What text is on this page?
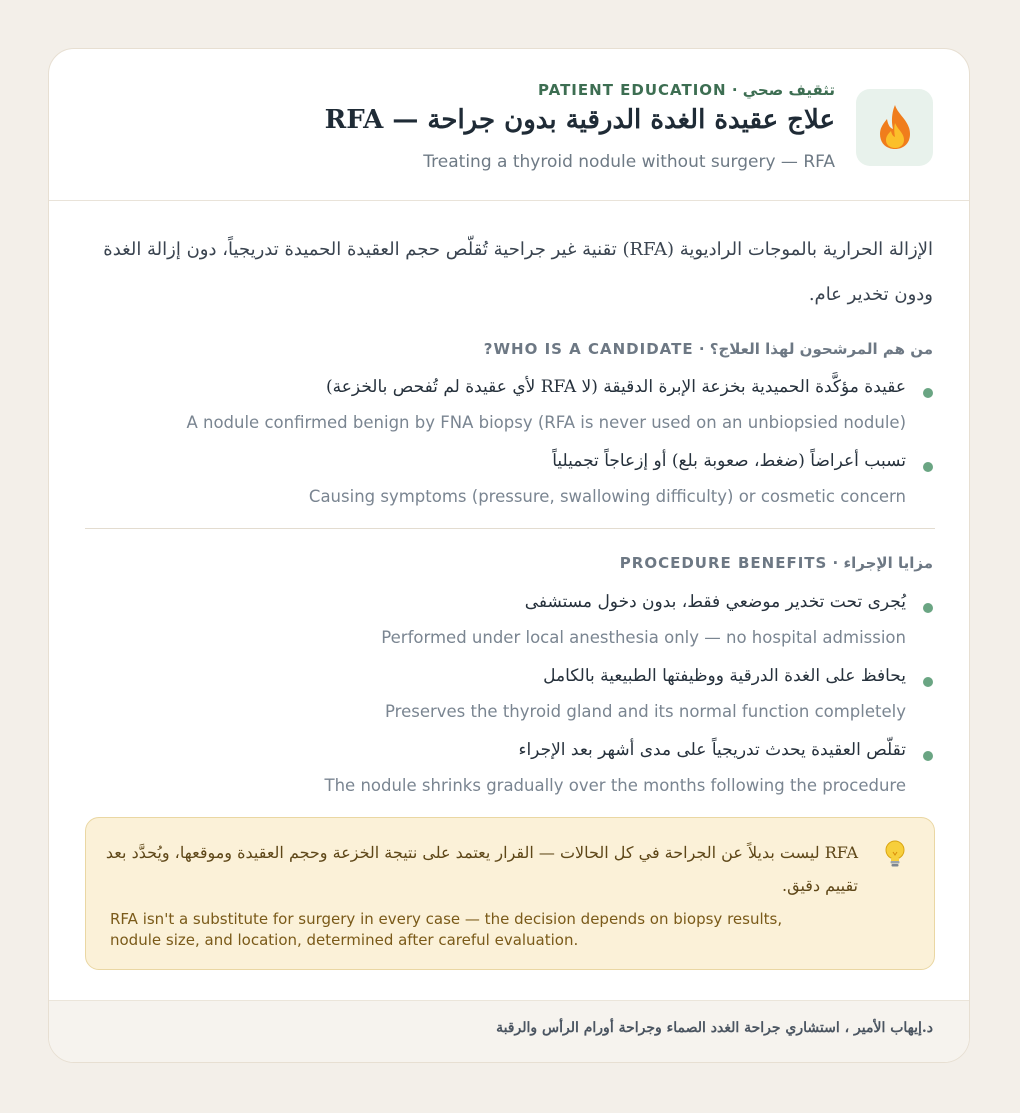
تثقيف صحي · PATIENT EDUCATION
علاج عقيدة الغدة الدرقية بدون جراحة — RFA
Treating a thyroid nodule without surgery — RFA
الإزالة الحرارية بالموجات الراديوية (RFA) تقنية غير جراحية تُقلّص حجم العقيدة الحميدة تدريجياً، دون إزالة الغدة ودون تخدير عام.
من هم المرشحون لهذا العلاج؟ · WHO IS A CANDIDATE?
عقيدة مؤكَّدة الحميدية بخزعة الإبرة الدقيقة (لا RFA لأي عقيدة لم تُفحص بالخزعة)
A nodule confirmed benign by FNA biopsy (RFA is never used on an unbiopsied nodule)
تسبب أعراضاً (ضغط، صعوبة بلع) أو إزعاجاً تجميلياً
Causing symptoms (pressure, swallowing difficulty) or cosmetic concern
مزايا الإجراء · PROCEDURE BENEFITS
يُجرى تحت تخدير موضعي فقط، بدون دخول مستشفى
Performed under local anesthesia only — no hospital admission
يحافظ على الغدة الدرقية ووظيفتها الطبيعية بالكامل
Preserves the thyroid gland and its normal function completely
تقلّص العقيدة يحدث تدريجياً على مدى أشهر بعد الإجراء
The nodule shrinks gradually over the months following the procedure
RFA ليست بديلاً عن الجراحة في كل الحالات — القرار يعتمد على نتيجة الخزعة وحجم العقيدة وموقعها، ويُحدَّد بعد تقييم دقيق.
RFA isn't a substitute for surgery in every case — the decision depends on biopsy results, nodule size, and location, determined after careful evaluation.
د.إيهاب الأمير ، استشاري جراحة الغدد الصماء وجراحة أورام الرأس والرقبة
